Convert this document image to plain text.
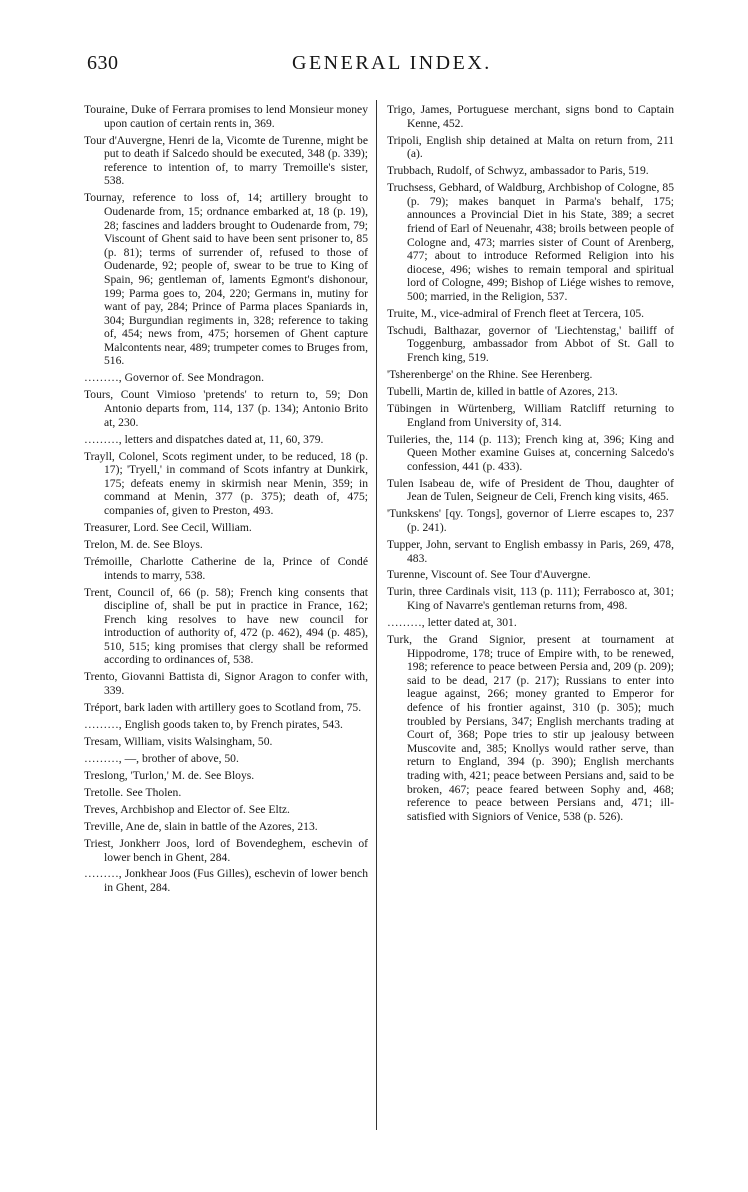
630	GENERAL INDEX.
Touraine, Duke of Ferrara promises to lend Monsieur money upon caution of certain rents in, 369.
Tour d'Auvergne, Henri de la, Vicomte de Turenne, might be put to death if Salcedo should be executed, 348 (p. 339); reference to intention of, to marry Tremoille's sister, 538.
Tournay, reference to loss of, 14; artillery brought to Oudenarde from, 15; ordnance embarked at, 18 (p. 19), 28; fascines and ladders brought to Oudenarde from, 79; Viscount of Ghent said to have been sent prisoner to, 85 (p. 81); terms of surrender of, refused to those of Oudenarde, 92; people of, swear to be true to King of Spain, 96; gentleman of, laments Egmont's dishonour, 199; Parma goes to, 204, 220; Germans in, mutiny for want of pay, 284; Prince of Parma places Spaniards in, 304; Burgundian regiments in, 328; reference to taking of, 454; news from, 475; horsemen of Ghent capture Malcontents near, 489; trumpeter comes to Bruges from, 516.
………, Governor of. See Mondragon.
Tours, Count Vimioso 'pretends' to return to, 59; Don Antonio departs from, 114, 137 (p. 134); Antonio Brito at, 230.
………, letters and dispatches dated at, 11, 60, 379.
Trayll, Colonel, Scots regiment under, to be reduced, 18 (p. 17); 'Tryell,' in command of Scots infantry at Dunkirk, 175; defeats enemy in skirmish near Menin, 359; in command at Menin, 377 (p. 375); death of, 475; companies of, given to Preston, 493.
Treasurer, Lord. See Cecil, William.
Trelon, M. de. See Bloys.
Trémoille, Charlotte Catherine de la, Prince of Condé intends to marry, 538.
Trent, Council of, 66 (p. 58); French king consents that discipline of, shall be put in practice in France, 162; French king resolves to have new council for introduction of authority of, 472 (p. 462), 494 (p. 485), 510, 515; king promises that clergy shall be reformed according to ordinances of, 538.
Trento, Giovanni Battista di, Signor Aragon to confer with, 339.
Tréport, bark laden with artillery goes to Scotland from, 75.
………, English goods taken to, by French pirates, 543.
Tresam, William, visits Walsingham, 50.
………, —, brother of above, 50.
Treslong, 'Turlon,' M. de. See Bloys.
Tretolle. See Tholen.
Treves, Archbishop and Elector of. See Eltz.
Treville, Ane de, slain in battle of the Azores, 213.
Triest, Jonkherr Joos, lord of Bovendeghem, eschevin of lower bench in Ghent, 284.
………, Jonkhear Joos (Fus Gilles), eschevin of lower bench in Ghent, 284.
Trigo, James, Portuguese merchant, signs bond to Captain Kenne, 452.
Tripoli, English ship detained at Malta on return from, 211 (a).
Trubbach, Rudolf, of Schwyz, ambassador to Paris, 519.
Truchsess, Gebhard, of Waldburg, Archbishop of Cologne, 85 (p. 79); makes banquet in Parma's behalf, 175; announces a Provincial Diet in his State, 389; a secret friend of Earl of Neuenahr, 438; broils between people of Cologne and, 473; marries sister of Count of Arenberg, 477; about to introduce Reformed Religion into his diocese, 496; wishes to remain temporal and spiritual lord of Cologne, 499; Bishop of Liége wishes to remove, 500; married, in the Religion, 537.
Truite, M., vice-admiral of French fleet at Tercera, 105.
Tschudi, Balthazar, governor of 'Liechtenstag,' bailiff of Toggenburg, ambassador from Abbot of St. Gall to French king, 519.
'Tsherenberge' on the Rhine. See Herenberg.
Tubelli, Martin de, killed in battle of Azores, 213.
Tübingen in Würtenberg, William Ratcliff returning to England from University of, 314.
Tuileries, the, 114 (p. 113); French king at, 396; King and Queen Mother examine Guises at, concerning Salcedo's confession, 441 (p. 433).
Tulen Isabeau de, wife of President de Thou, daughter of Jean de Tulen, Seigneur de Celi, French king visits, 465.
'Tunkskens' [qy. Tongs], governor of Lierre escapes to, 237 (p. 241).
Tupper, John, servant to English embassy in Paris, 269, 478, 483.
Turenne, Viscount of. See Tour d'Auvergne.
Turin, three Cardinals visit, 113 (p. 111); Ferrabosco at, 301; King of Navarre's gentleman returns from, 498.
………, letter dated at, 301.
Turk, the Grand Signior, present at tournament at Hippodrome, 178; truce of Empire with, to be renewed, 198; reference to peace between Persia and, 209 (p. 209); said to be dead, 217 (p. 217); Russians to enter into league against, 266; money granted to Emperor for defence of his frontier against, 310 (p. 305); much troubled by Persians, 347; English merchants trading at Court of, 368; Pope tries to stir up jealousy between Muscovite and, 385; Knollys would rather serve, than return to England, 394 (p. 390); English merchants trading with, 421; peace between Persians and, said to be broken, 467; peace feared between Sophy and, 468; reference to peace between Persians and, 471; ill-satisfied with Signiors of Venice, 538 (p. 526).
